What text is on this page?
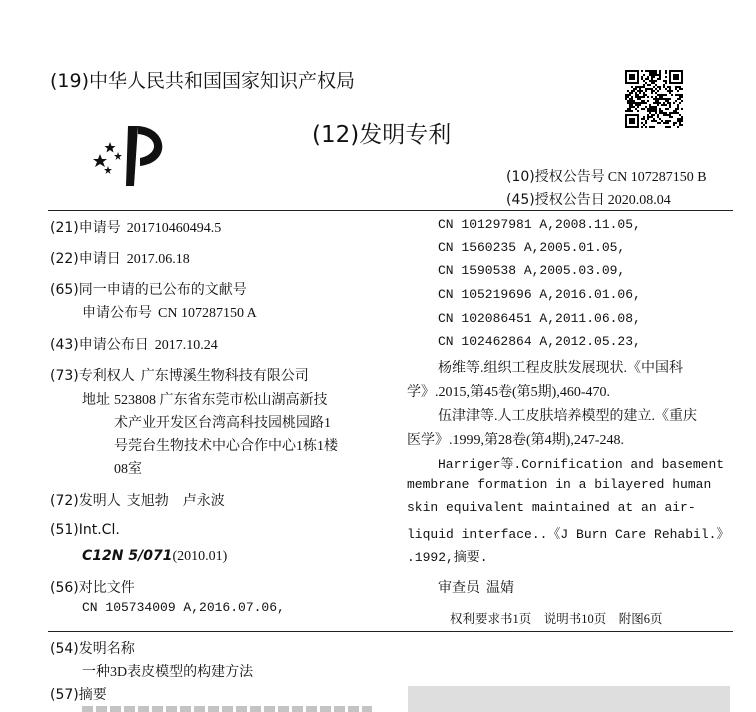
(19)中华人民共和国国家知识产权局
(12)发明专利
(10)授权公告号 CN 107287150 B
(45)授权公告日 2020.08.04
(21)申请号 201710460494.5
(22)申请日 2017.06.18
(65)同一申请的已公布的文献号
申请公布号 CN 107287150 A
(43)申请公布日 2017.10.24
(73)专利权人 广东博溪生物科技有限公司
地址 523808 广东省东莞市松山湖高新技
术产业开发区台湾高科技园桃园路1
号莞台生物技术中心合作中心1栋1楼
08室
(72)发明人 支旭勃　卢永波
(51)Int.Cl.
C12N 5/071(2010.01)
(56)对比文件
CN 105734009 A,2016.07.06,
CN 101297981 A,2008.11.05,
CN 1560235 A,2005.01.05,
CN 1590538 A,2005.03.09,
CN 105219696 A,2016.01.06,
CN 102086451 A,2011.06.08,
CN 102462864 A,2012.05.23,
杨维等.组织工程皮肤发展现状.《中国科
学》.2015,第45卷(第5期),460-470.
伍津津等.人工皮肤培养模型的建立.《重庆
医学》.1999,第28卷(第4期),247-248.
Harriger等.Cornification and basement
membrane formation in a bilayered human
skin equivalent maintained at an air-
liquid interface..《J Burn Care Rehabil.》
.1992,摘要.
审查员 温婧
权利要求书1页　说明书10页　附图6页
(54)发明名称
一种3D表皮模型的构建方法
(57)摘要
